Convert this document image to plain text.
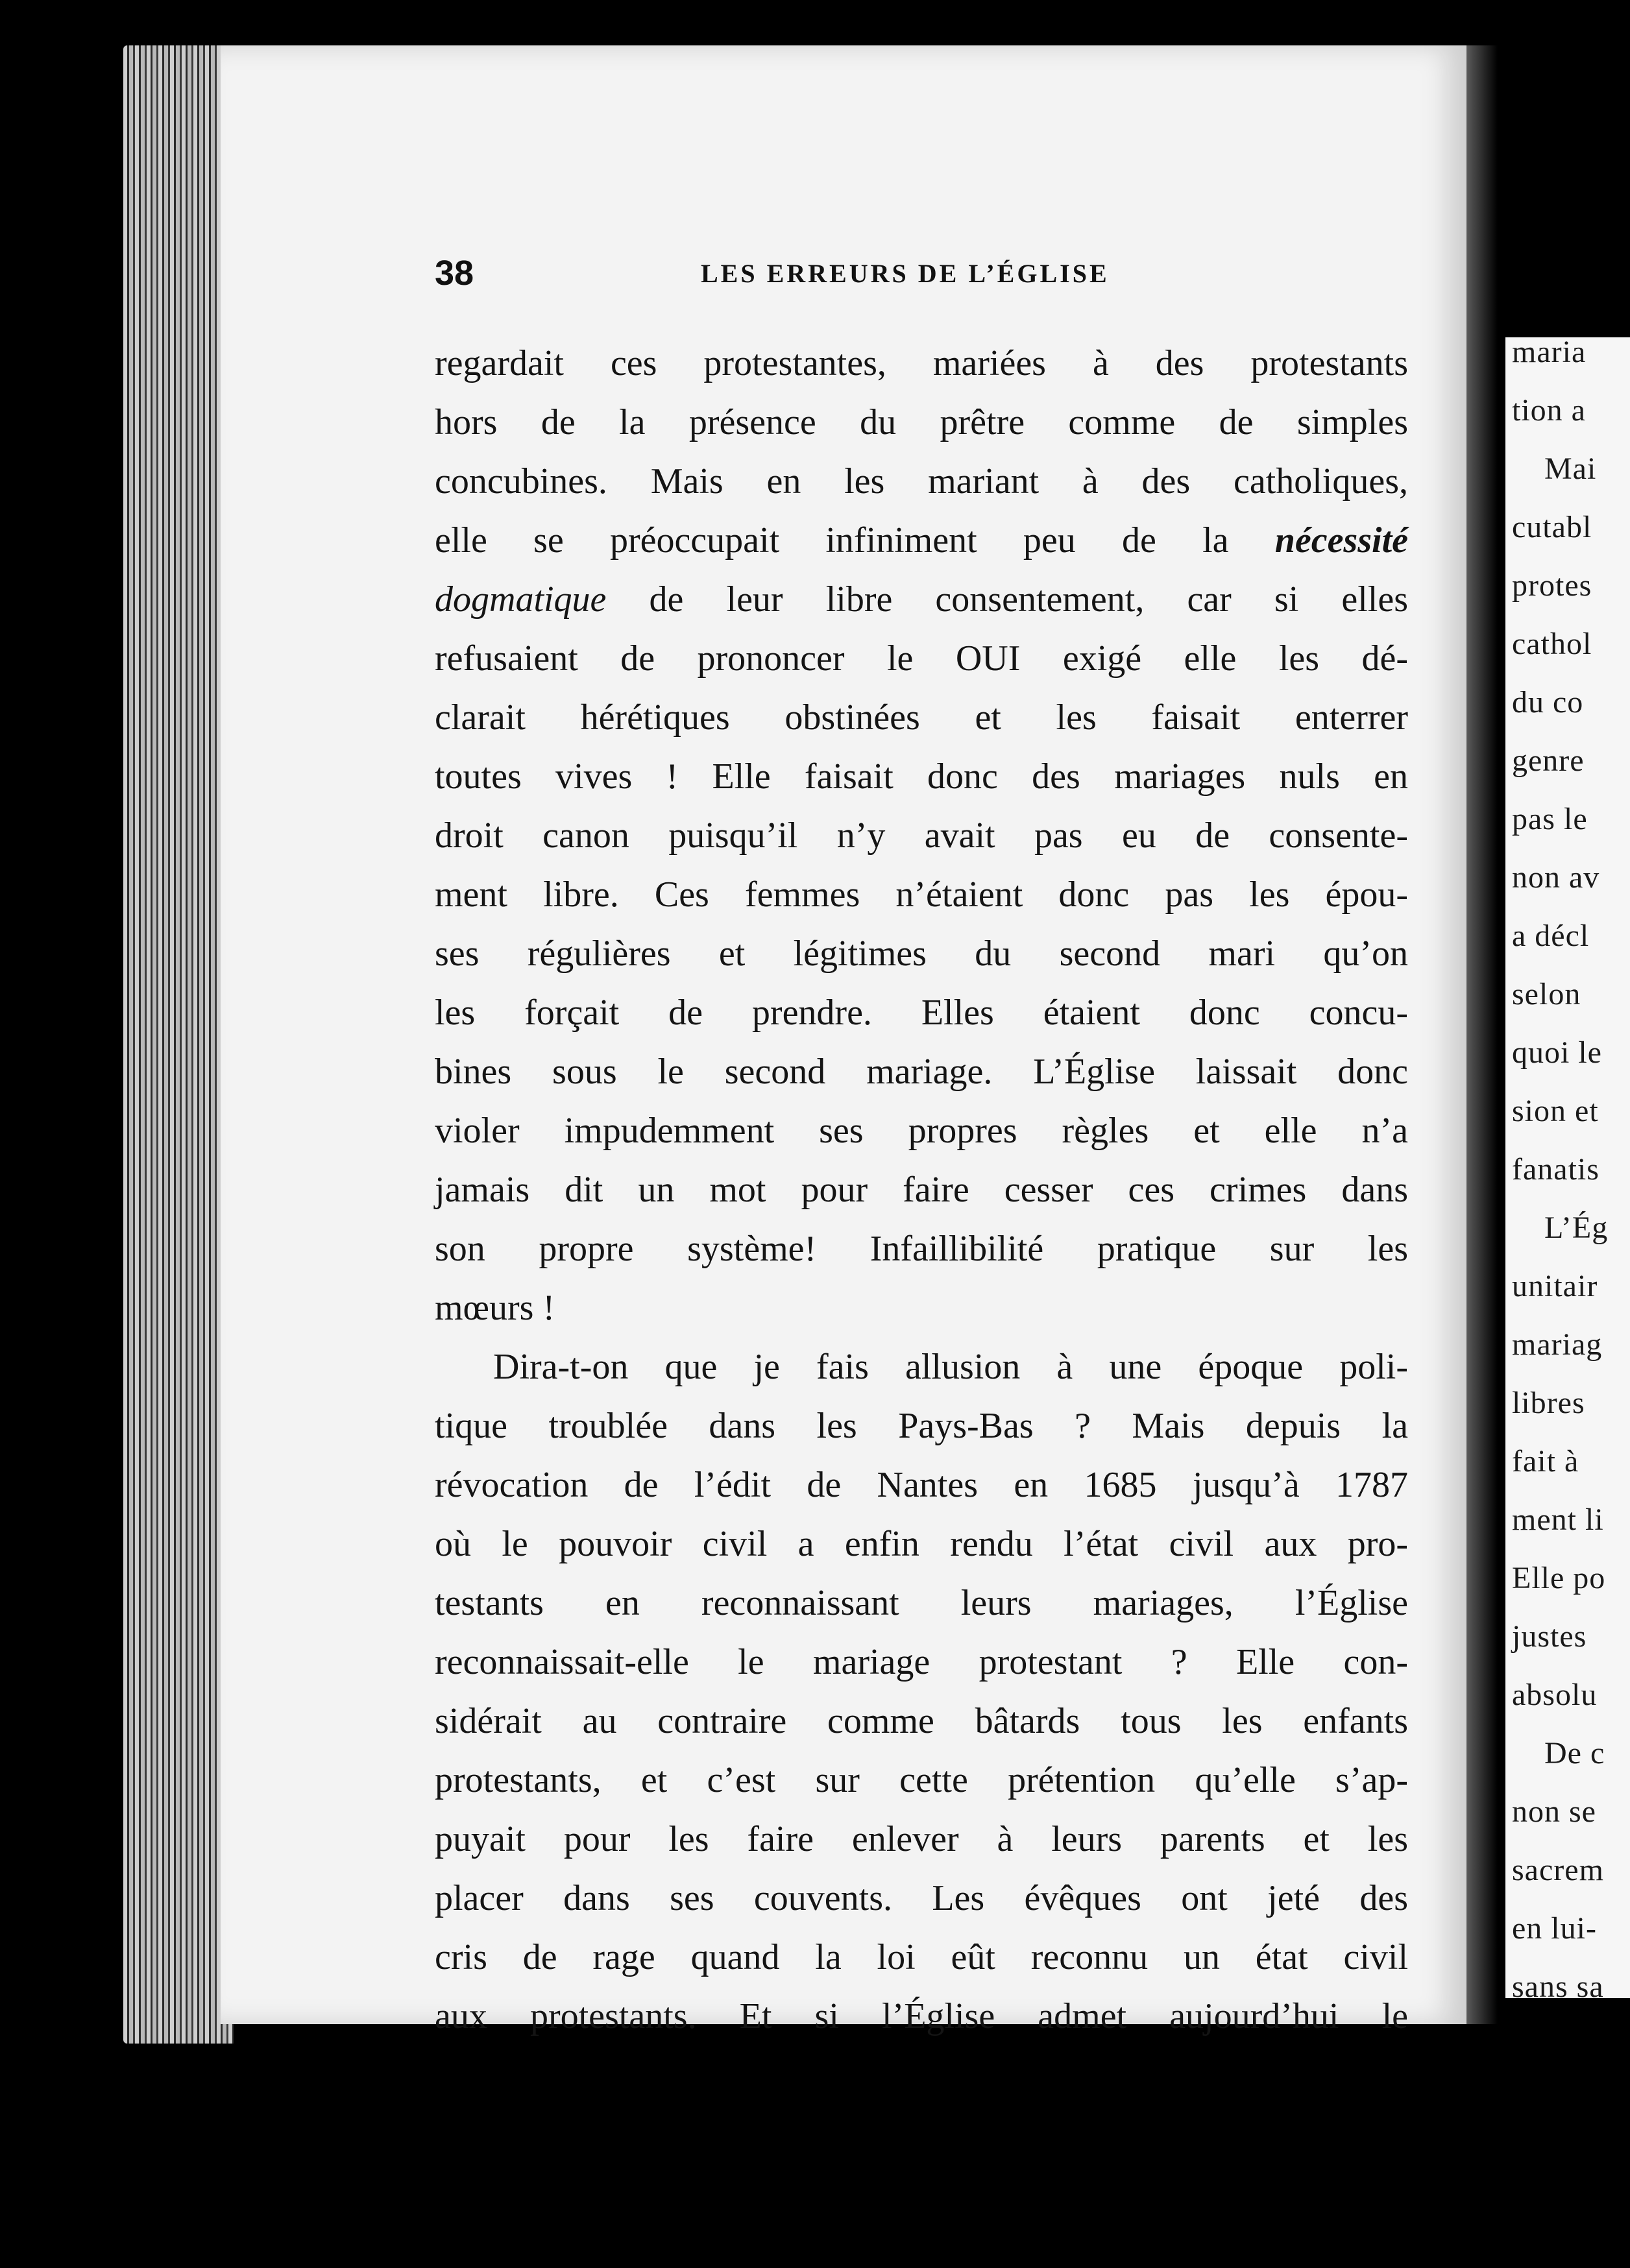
maria
tion a
Mai
cutabl
protes
cathol
du co
genre
pas le
non av
a décl
selon
quoi le
sion et
fanatis
L’Ég
unitair
mariag
libres
fait à
ment li
Elle po
justes
absolu
De c
non se
sacrem
en lui-
sans sa
38	LES ERREURS DE L’ÉGLISE
regardait ces protestantes, mariées à des protestants
hors de la présence du prêtre comme de simples
concubines. Mais en les mariant à des catholiques,
elle se préoccupait infiniment peu de la nécessité
dogmatique de leur libre consentement, car si elles
refusaient de prononcer le OUI exigé elle les dé-
clarait hérétiques obstinées et les faisait enterrer
toutes vives ! Elle faisait donc des mariages nuls en
droit canon puisqu’il n’y avait pas eu de consente-
ment libre. Ces femmes n’étaient donc pas les épou-
ses régulières et légitimes du second mari qu’on
les forçait de prendre. Elles étaient donc concu-
bines sous le second mariage. L’Église laissait donc
violer impudemment ses propres règles et elle n’a
jamais dit un mot pour faire cesser ces crimes dans
son propre système! Infaillibilité pratique sur les
mœurs !
Dira-t-on que je fais allusion à une époque poli-
tique troublée dans les Pays-Bas ? Mais depuis la
révocation de l’édit de Nantes en 1685 jusqu’à 1787
où le pouvoir civil a enfin rendu l’état civil aux pro-
testants en reconnaissant leurs mariages, l’Église
reconnaissait-elle le mariage protestant ? Elle con-
sidérait au contraire comme bâtards tous les enfants
protestants, et c’est sur cette prétention qu’elle s’ap-
puyait pour les faire enlever à leurs parents et les
placer dans ses couvents. Les évêques ont jeté des
cris de rage quand la loi eût reconnu un état civil
aux protestants. Et si l’Église admet aujourd’hui le
